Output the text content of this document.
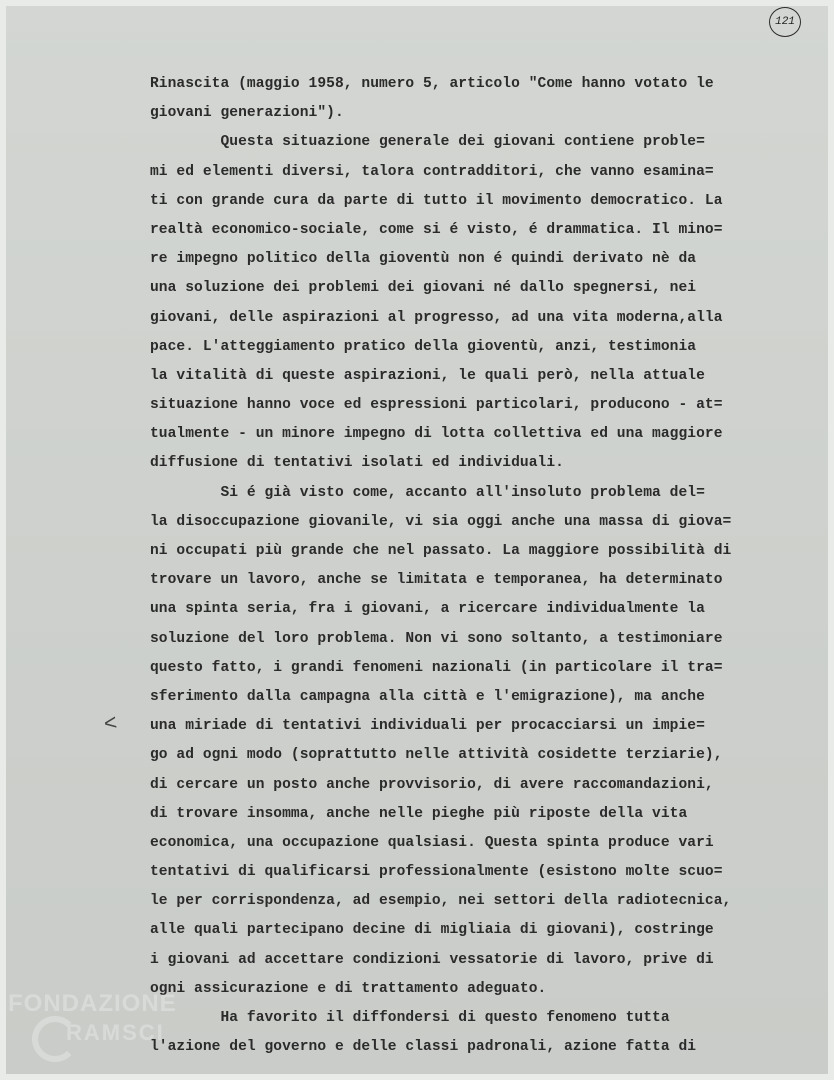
121
<
Rinascita (maggio 1958, numero 5, articolo "Come hanno votato le
giovani generazioni").
Questa situazione generale dei giovani contiene proble=
mi ed elementi diversi, talora contradditori, che vanno esamina=
ti con grande cura da parte di tutto il movimento democratico. La
realtà economico-sociale, come si é visto, é drammatica. Il mino=
re impegno politico della gioventù non é quindi derivato nè da
una soluzione dei problemi dei giovani né dallo spegnersi, nei
giovani, delle aspirazioni al progresso, ad una vita moderna,alla
pace. L'atteggiamento pratico della gioventù, anzi, testimonia
la vitalità di queste aspirazioni, le quali però, nella attuale
situazione hanno voce ed espressioni particolari, producono - at=
tualmente - un minore impegno di lotta collettiva ed una maggiore
diffusione di tentativi isolati ed individuali.
Si é già visto come, accanto all'insoluto problema del=
la disoccupazione giovanile, vi sia oggi anche una massa di giova=
ni occupati più grande che nel passato. La maggiore possibilità di
trovare un lavoro, anche se limitata e temporanea, ha determinato
una spinta seria, fra i giovani, a ricercare individualmente la
soluzione del loro problema. Non vi sono soltanto, a testimoniare
questo fatto, i grandi fenomeni nazionali (in particolare il tra=
sferimento dalla campagna alla città e l'emigrazione), ma anche
una miriade di tentativi individuali per procacciarsi un impie=
go ad ogni modo (soprattutto nelle attività cosidette terziarie),
di cercare un posto anche provvisorio, di avere raccomandazioni,
di trovare insomma, anche nelle pieghe più riposte della vita
economica, una occupazione qualsiasi. Questa spinta produce vari
tentativi di qualificarsi professionalmente (esistono molte scuo=
le per corrispondenza, ad esempio, nei settori della radiotecnica,
alle quali partecipano decine di migliaia di giovani), costringe
i giovani ad accettare condizioni vessatorie di lavoro, prive di
ogni assicurazione e di trattamento adeguato.
Ha favorito il diffondersi di questo fenomeno tutta
l'azione del governo e delle classi padronali, azione fatta di
FONDAZIONE
RAMSCI
